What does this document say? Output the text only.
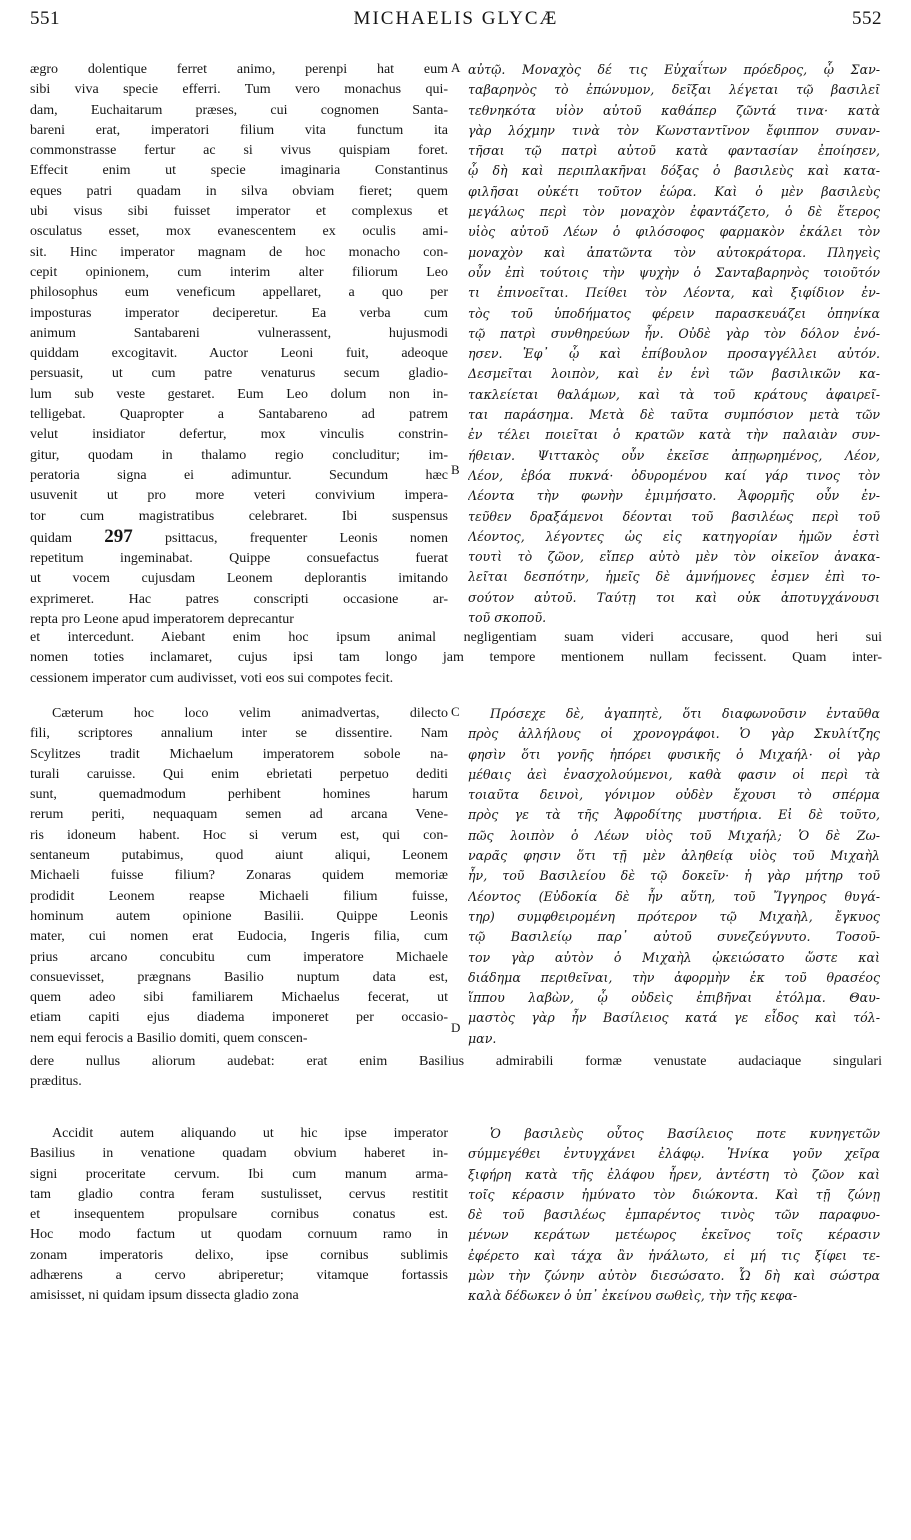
551	MICHAELIS GLYCÆ	552
ægro dolentique ferret animo, perenpi hat eum
sibi viva specie efferri. Tum vero monachus qui-
dam, Euchaitarum præses, cui cognomen Santa-
bareni erat, imperatori filium vita functum ita
commonstrasse fertur ac si vivus quispiam foret.
Effecit enim ut specie imaginaria Constantinus
eques patri quadam in silva obviam fieret; quem
ubi visus sibi fuisset imperator et complexus et
osculatus esset, mox evanescentem ex oculis ami-
sit. Hinc imperator magnam de hoc monacho con-
cepit opinionem, cum interim alter filiorum Leo
philosophus eum veneficum appellaret, a quo per
imposturas imperator deciperetur. Ea verba cum
animum Santabareni vulnerassent, hujusmodi
quiddam excogitavit. Auctor Leoni fuit, adeoque
persuasit, ut cum patre venaturus secum gladio-
lum sub veste gestaret. Eum Leo dolum non in-
telligebat. Quapropter a Santabareno ad patrem
velut insidiator defertur, mox vinculis constrin-
gitur, quodam in thalamo regio concluditur; im-
peratoria signa ei adimuntur. Secundum hæc
usuvenit ut pro more veteri convivium impera-
tor cum magistratibus celebraret. Ibi suspensus
quidam 297 psittacus, frequenter Leonis nomen
repetitum ingeminabat. Quippe consuefactus fuerat
ut vocem cujusdam Leonem deplorantis imitando
exprimeret. Hac patres conscripti occasione ar-
repta pro Leone apud imperatorem deprecantur
A
B
αὐτῷ. Μοναχὸς δέ τις Εὐχαΐτων πρόεδρος, ᾧ Σαν-
ταβαρηνὸς τὸ ἐπώνυμον, δεῖξαι λέγεται τῷ βασιλεῖ
τεθνηκότα υἱὸν αὐτοῦ καθάπερ ζῶντά τινα· κατὰ
γὰρ λόχμην τινὰ τὸν Κωνσταντῖνον ἔφιππον συναν-
τῆσαι τῷ πατρὶ αὐτοῦ κατὰ φαντασίαν ἐποίησεν,
ᾧ δὴ καὶ περιπλακῆναι δόξας ὁ βασιλεὺς καὶ κατα-
φιλῆσαι οὐκέτι τοῦτον ἑώρα. Καὶ ὁ μὲν βασιλεὺς
μεγάλως περὶ τὸν μοναχὸν ἐφαντάζετο, ὁ δὲ ἕτερος
υἱὸς αὐτοῦ Λέων ὁ φιλόσοφος φαρμακὸν ἐκάλει τὸν
μοναχὸν καὶ ἀπατῶντα τὸν αὐτοκράτορα. Πληγεὶς
οὖν ἐπὶ τούτοις τὴν ψυχὴν ὁ Σανταβαρηνὸς τοιοῦτόν
τι ἐπινοεῖται. Πείθει τὸν Λέοντα, καὶ ξιφίδιον ἐν-
τὸς τοῦ ὑποδήματος φέρειν παρασκευάζει ὁπηνίκα
τῷ πατρὶ συνθηρεύων ἦν. Οὐδὲ γὰρ τὸν δόλον ἐνό-
ησεν. Ἐφ᾽ ᾧ καὶ ἐπίβουλον προσαγγέλλει αὐτόν.
Δεσμεῖται λοιπὸν, καὶ ἐν ἑνὶ τῶν βασιλικῶν κα-
τακλείεται θαλάμων, καὶ τὰ τοῦ κράτους ἀφαιρεῖ-
ται παράσημα. Μετὰ δὲ ταῦτα συμπόσιον μετὰ τῶν
ἐν τέλει ποιεῖται ὁ κρατῶν κατὰ τὴν παλαιὰν συν-
ήθειαν. Ψιττακὸς οὖν ἐκεῖσε ἀπῃωρημένος, Λέον,
Λέον, ἐβόα πυκνά· ὀδυρομένου καί γάρ τινος τὸν
Λέοντα τὴν φωνὴν ἐμιμήσατο. Ἀφορμῆς οὖν ἐν-
τεῦθεν δραξάμενοι δέονται τοῦ βασιλέως περὶ τοῦ
Λέοντος, λέγοντες ὡς εἰς κατηγορίαν ἡμῶν ἐστὶ
τουτὶ τὸ ζῶον, εἴπερ αὐτὸ μὲν τὸν οἰκεῖον ἀνακα-
λεῖται δεσπότην, ἡμεῖς δὲ ἀμνήμονες ἐσμεν ἐπὶ το-
σούτον αὐτοῦ. Ταύτῃ τοι καὶ οὐκ ἀποτυγχάνουσι
τοῦ σκοποῦ.
et intercedunt. Aiebant enim hoc ipsum animal negligentiam suam videri accusare, quod heri sui
nomen toties inclamaret, cujus ipsi tam longo jam tempore mentionem nullam fecissent. Quam inter-
cessionem imperator cum audivisset, voti eos sui compotes fecit.
Cæterum hoc loco velim animadvertas, dilecto
fili, scriptores annalium inter se dissentire. Nam
Scylitzes tradit Michaelum imperatorem sobole na-
turali caruisse. Qui enim ebrietati perpetuo dediti
sunt, quemadmodum perhibent homines harum
rerum periti, nequaquam semen ad arcana Vene-
ris idoneum habent. Hoc si verum est, qui con-
sentaneum putabimus, quod aiunt aliqui, Leonem
Michaeli fuisse filium? Zonaras quidem memoriæ
prodidit Leonem reapse Michaeli filium fuisse,
hominum autem opinione Basilii. Quippe Leonis
mater, cui nomen erat Eudocia, Ingeris filia, cum
prius arcano concubitu cum imperatore Michaele
consuevisset, prægnans Basilio nuptum data est,
quem adeo sibi familiarem Michaelus fecerat, ut
etiam capiti ejus diadema imponeret per occasio-
nem equi ferocis a Basilio domiti, quem conscen-
C
D
Πρόσεχε δὲ, ἀγαπητὲ, ὅτι διαφωνοῦσιν ἐνταῦθα
πρὸς ἀλλήλους οἱ χρονογράφοι. Ὁ γὰρ Σκυλίτζης
φησὶν ὅτι γονῆς ἠπόρει φυσικῆς ὁ Μιχαήλ· οἱ γὰρ
μέθαις ἀεὶ ἐνασχολούμενοι, καθὰ φασιν οἱ περὶ τὰ
τοιαῦτα δεινοὶ, γόνιμον οὐδὲν ἔχουσι τὸ σπέρμα
πρὸς γε τὰ τῆς Ἀφροδίτης μυστήρια. Εἰ δὲ τοῦτο,
πῶς λοιπὸν ὁ Λέων υἱὸς τοῦ Μιχαήλ; Ὁ δὲ Ζω-
ναρᾶς φησιν ὅτι τῇ μὲν ἀληθείᾳ υἱὸς τοῦ Μιχαὴλ
ἦν, τοῦ Βασιλείου δὲ τῷ δοκεῖν· ἡ γὰρ μήτηρ τοῦ
Λέοντος (Εὐδοκία δὲ ἦν αὕτη, τοῦ Ἴγγηρος θυγά-
τηρ) συμφθειρομένη πρότερον τῷ Μιχαὴλ, ἔγκυος
τῷ Βασιλείῳ παρ᾽ αὐτοῦ συνεζεύγνυτο. Τοσοῦ-
τον γὰρ αὐτὸν ὁ Μιχαὴλ ᾠκειώσατο ὥστε καὶ
διάδημα περιθεῖναι, τὴν ἀφορμὴν ἐκ τοῦ θρασέος
ἵππου λαβὼν, ᾧ οὐδεὶς ἐπιβῆναι ἐτόλμα. Θαυ-
μαστὸς γὰρ ἦν Βασίλειος κατά γε εἶδος καὶ τόλ-
μαν.
dere nullus aliorum audebat: erat enim Basilius admirabili formæ venustate audaciaque singulari
præditus.
Accidit autem aliquando ut hic ipse imperator
Basilius in venatione quadam obvium haberet in-
signi proceritate cervum. Ibi cum manum arma-
tam gladio contra feram sustulisset, cervus restitit
et insequentem propulsare cornibus conatus est.
Hoc modo factum ut quodam cornuum ramo in
zonam imperatoris delixo, ipse cornibus sublimis
adhærens a cervo abriperetur; vitamque fortassis
amisisset, ni quidam ipsum dissecta gladio zona
Ὁ βασιλεὺς οὗτος Βασίλειος ποτε κυνηγετῶν
σύμμεγέθει ἐντυγχάνει ἐλάφῳ. Ἡνίκα γοῦν χεῖρα
ξιφήρη κατὰ τῆς ἐλάφου ἦρεν, ἀντέστη τὸ ζῶον καὶ
τοῖς κέρασιν ἠμύνατο τὸν διώκοντα. Καὶ τῇ ζώνῃ
δὲ τοῦ βασιλέως ἐμπαρέντος τινὸς τῶν παραφυο-
μένων κεράτων μετέωρος ἐκεῖνος τοῖς κέρασιν
ἐφέρετο καὶ τάχα ἂν ἠνάλωτο, εἰ μή τις ξίφει τε-
μὼν τὴν ζώνην αὐτὸν διεσώσατο. Ὧ δὴ καὶ σώστρα
καλὰ δέδωκεν ὁ ὑπ᾽ ἐκείνου σωθεὶς, τὴν τῆς κεφα-
